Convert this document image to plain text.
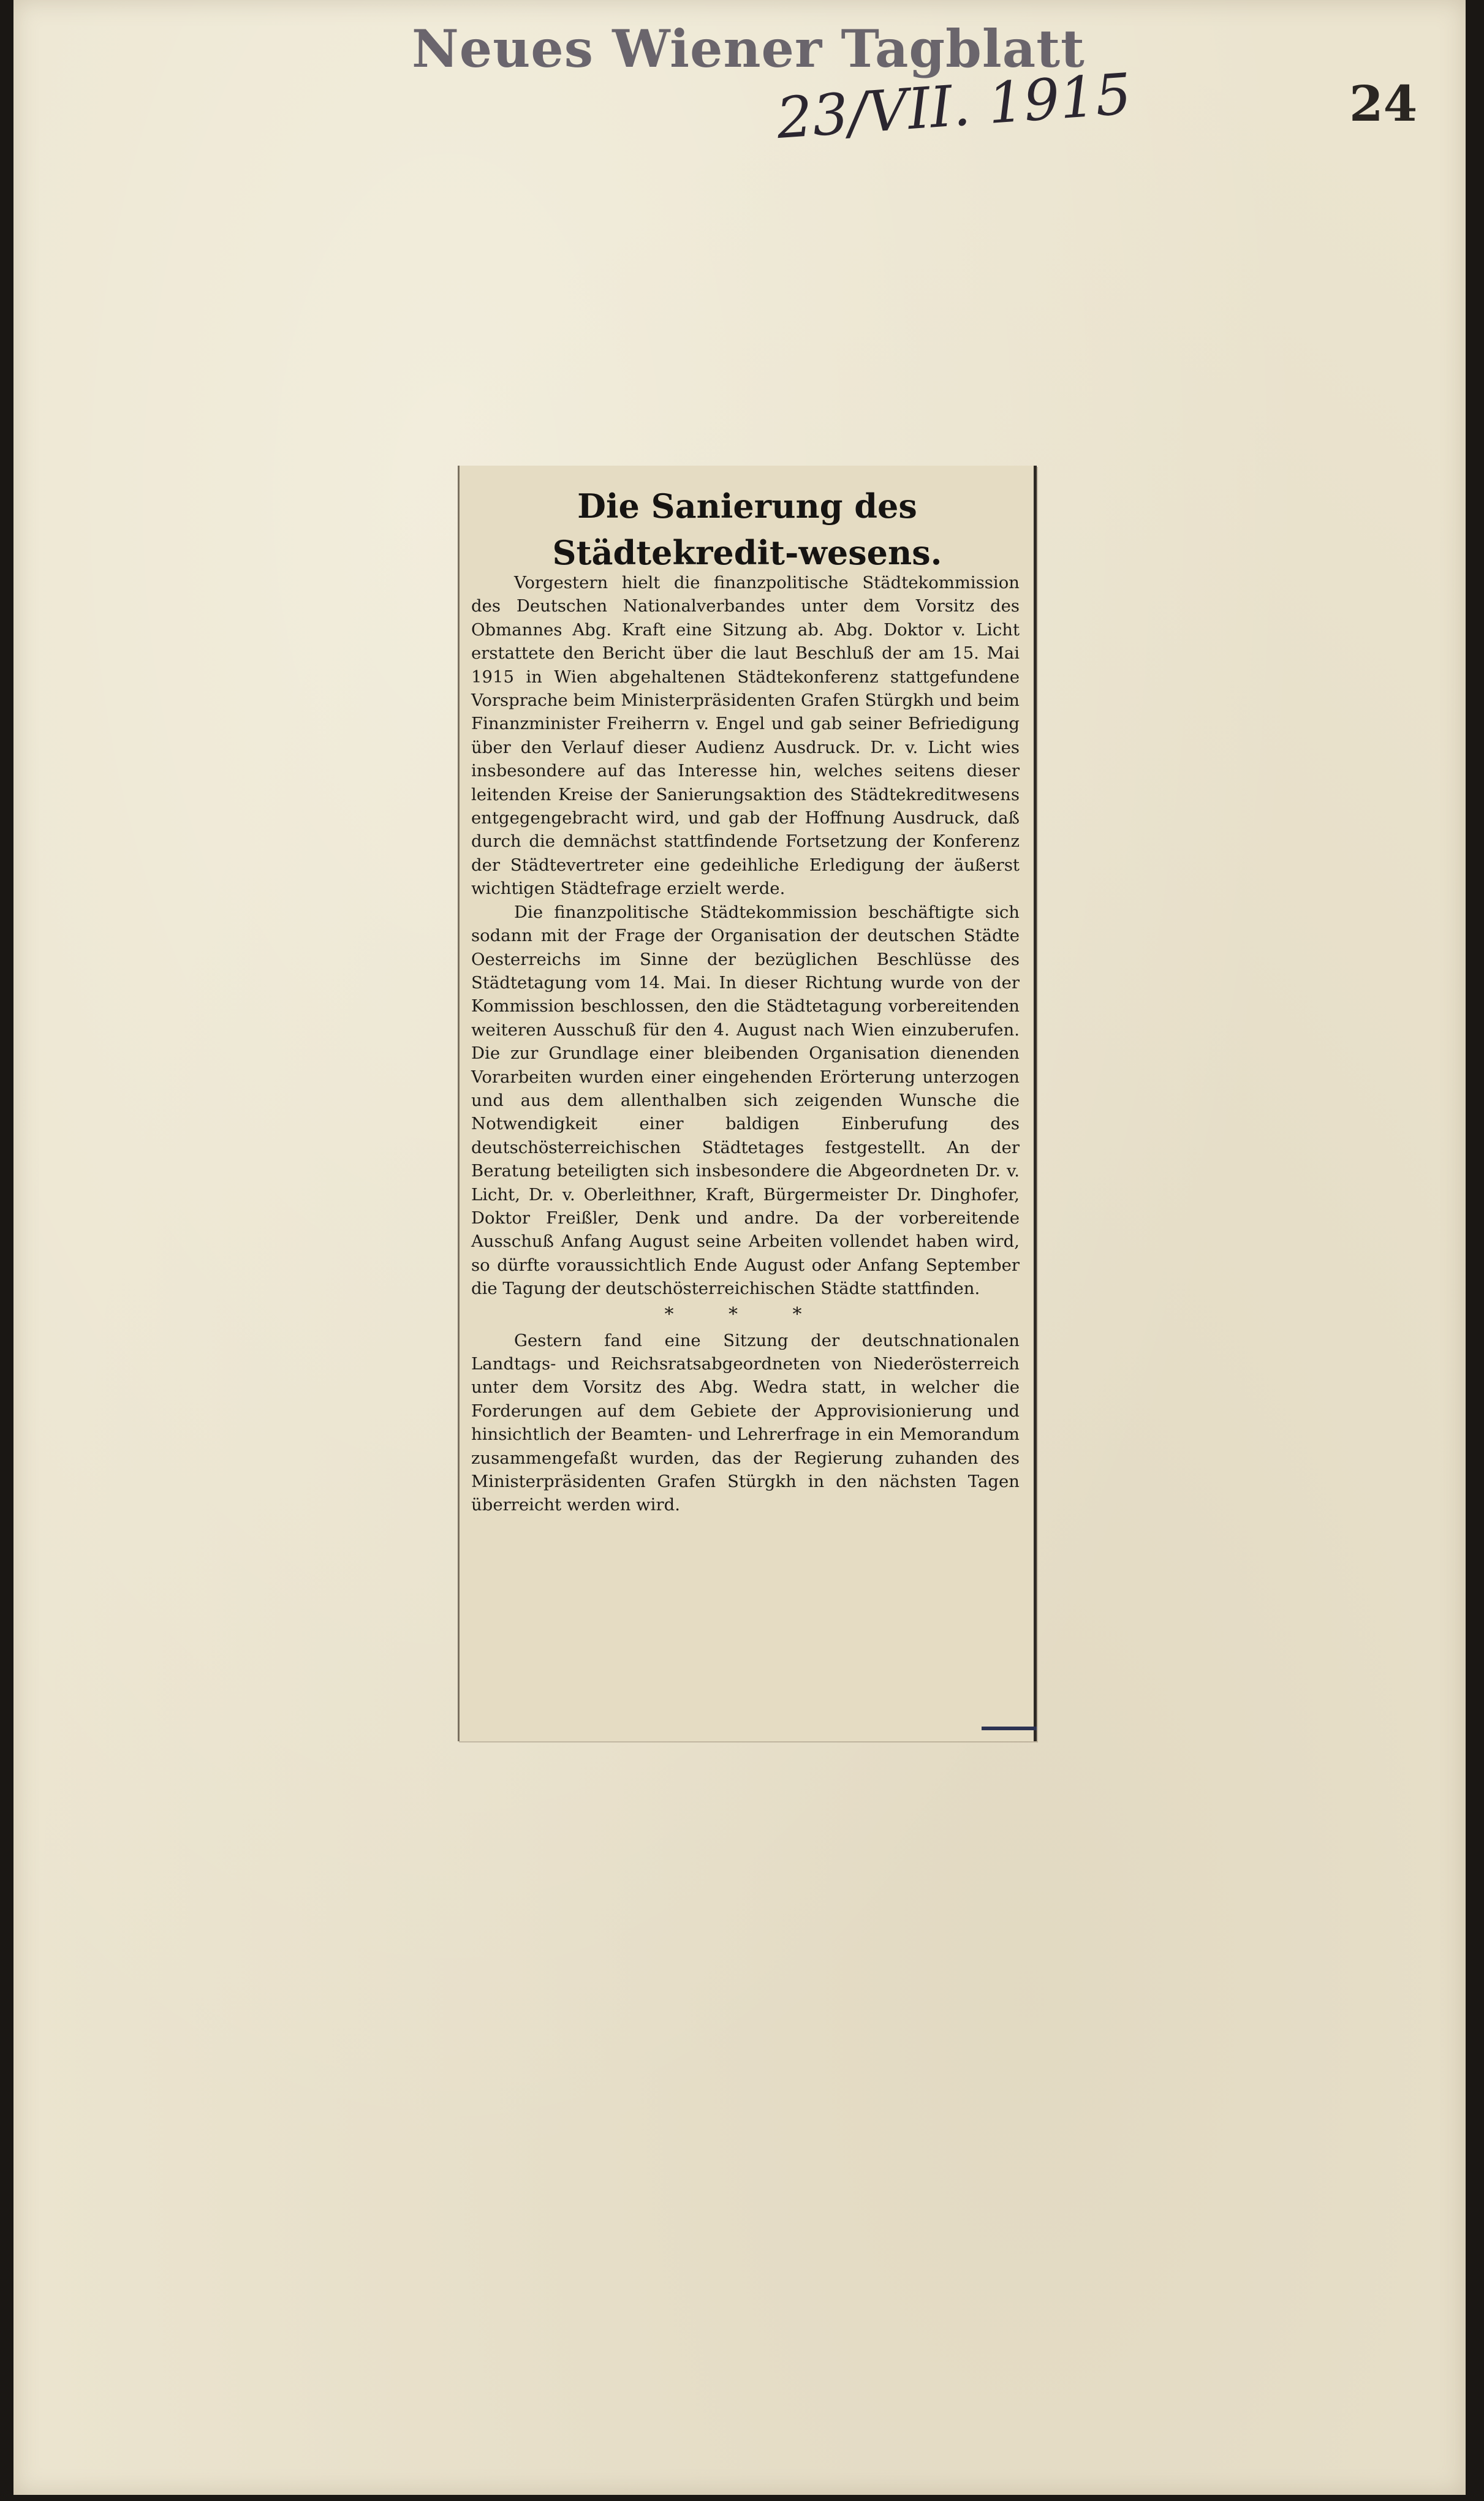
Neues Wiener Tagblatt
23/VII. 1915	24
Die Sanierung des Städtekredit-wesens.

Vorgestern hielt die finanzpolitische Städtekommission des Deutschen Nationalverbandes unter dem Vorsitz des Obmannes Abg. Kraft eine Sitzung ab. Abg. Doktor v. Licht erstattete den Bericht über die laut Beschluß der am 15. Mai 1915 in Wien abgehaltenen Städtekonferenz stattgefundene Vorsprache beim Ministerpräsidenten Grafen Stürgkh und beim Finanzminister Freiherrn v. Engel und gab seiner Befriedigung über den Verlauf dieser Audienz Ausdruck. Dr. v. Licht wies insbesondere auf das Interesse hin, welches seitens dieser leitenden Kreise der Sanierungsaktion des Städtekreditwesens entgegengebracht wird, und gab der Hoffnung Ausdruck, daß durch die demnächst stattfindende Fortsetzung der Konferenz der Städtevertreter eine gedeihliche Erledigung der äußerst wichtigen Städtefrage erzielt werde.

Die finanzpolitische Städtekommission beschäftigte sich sodann mit der Frage der Organisation der deutschen Städte Oesterreichs im Sinne der bezüglichen Beschlüsse des Städtetagung vom 14. Mai. In dieser Richtung wurde von der Kommission beschlossen, den die Städtetagung vorbereitenden weiteren Ausschuß für den 4. August nach Wien einzuberufen. Die zur Grundlage einer bleibenden Organisation dienenden Vorarbeiten wurden einer eingehenden Erörterung unterzogen und aus dem allenthalben sich zeigenden Wunsche die Notwendigkeit einer baldigen Einberufung des deutschösterreichischen Städtetages festgestellt. An der Beratung beteiligten sich insbesondere die Abgeordneten Dr. v. Licht, Dr. v. Oberleithner, Kraft, Bürgermeister Dr. Dinghofer, Doktor Freißler, Denk und andre. Da der vorbereitende Ausschuß Anfang August seine Arbeiten vollendet haben wird, so dürfte voraussichtlich Ende August oder Anfang September die Tagung der deutschösterreichischen Städte stattfinden.

* * *

Gestern fand eine Sitzung der deutschnationalen Landtags- und Reichsratsabgeordneten von Niederösterreich unter dem Vorsitz des Abg. Wedra statt, in welcher die Forderungen auf dem Gebiete der Approvisionierung und hinsichtlich der Beamten- und Lehrerfrage in ein Memorandum zusammengefaßt wurden, das der Regierung zuhanden des Ministerpräsidenten Grafen Stürgkh in den nächsten Tagen überreicht werden wird.
